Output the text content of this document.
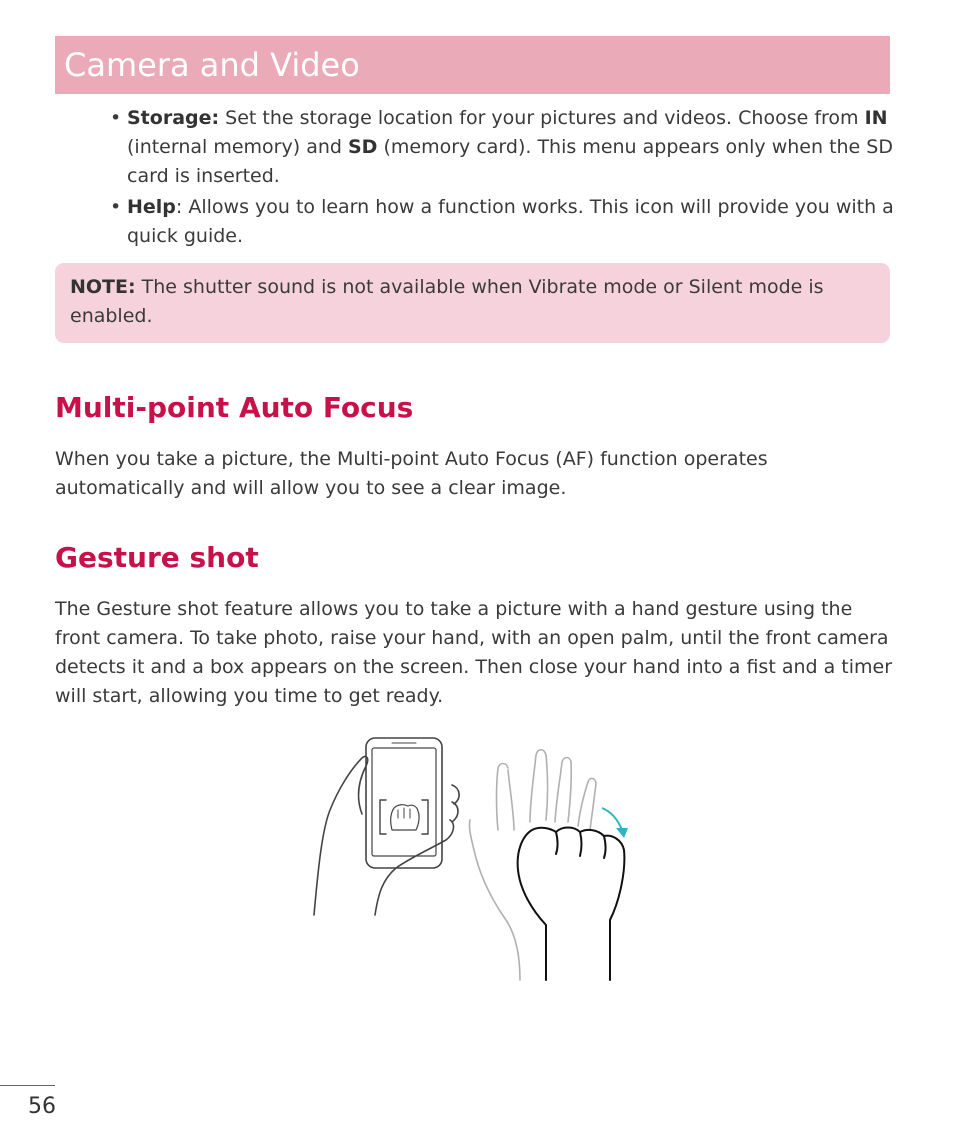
Camera and Video
• Storage: Set the storage location for your pictures and videos. Choose from IN (internal memory) and SD (memory card). This menu appears only when the SD card is inserted.
• Help: Allows you to learn how a function works. This icon will provide you with a quick guide.

NOTE: The shutter sound is not available when Vibrate mode or Silent mode is enabled.

Multi-point Auto Focus

When you take a picture, the Multi-point Auto Focus (AF) function operates automatically and will allow you to see a clear image.

Gesture shot

The Gesture shot feature allows you to take a picture with a hand gesture using the front camera. To take photo, raise your hand, with an open palm, until the front camera detects it and a box appears on the screen. Then close your hand into a fist and a timer will start, allowing you time to get ready.

56
